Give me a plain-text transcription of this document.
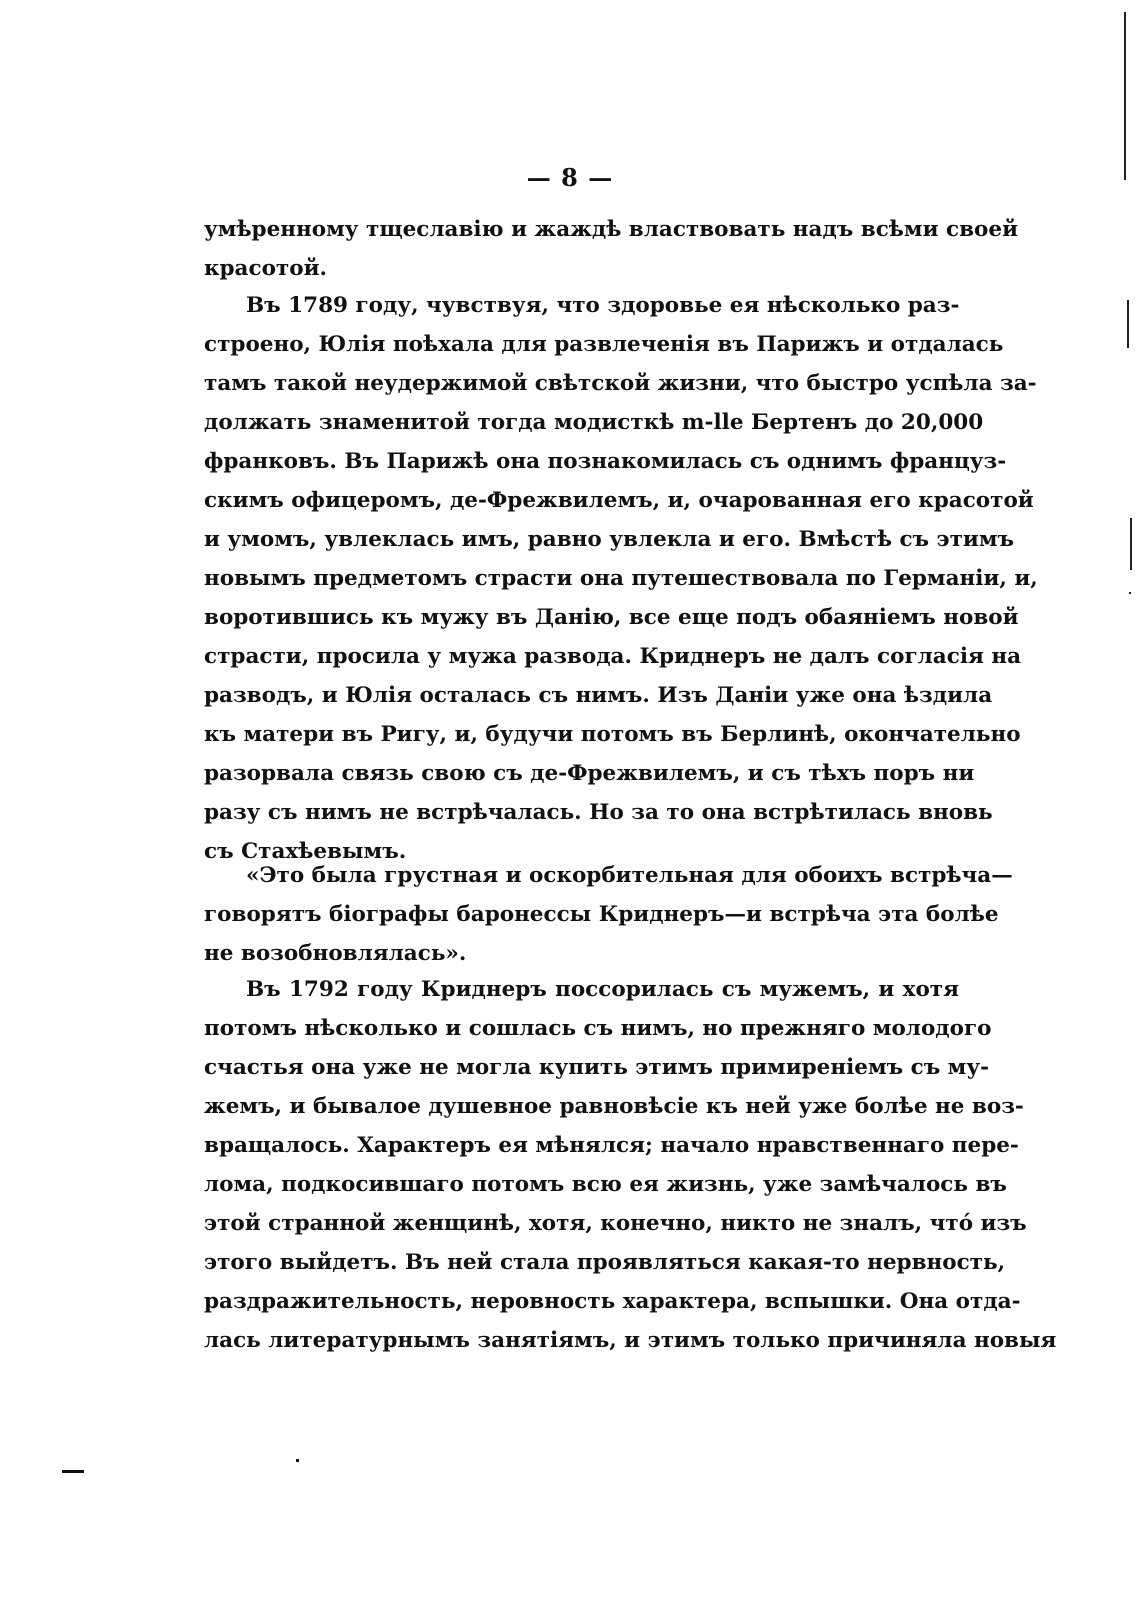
— 8 —
умѣренному тщеславію и жаждѣ властвовать надъ всѣми своей
красотой.
Въ 1789 году, чувствуя, что здоровье ея нѣсколько раз-
строено, Юлія поѣхала для развлеченія въ Парижъ и отдалась
тамъ такой неудержимой свѣтской жизни, что быстро успѣла за-
должать знаменитой тогда модисткѣ m-lle Бертенъ до 20,000
франковъ. Въ Парижѣ она познакомилась съ однимъ француз-
скимъ офицеромъ, де-Фрежвилемъ, и, очарованная его красотой
и умомъ, увлеклась имъ, равно увлекла и его. Вмѣстѣ съ этимъ
новымъ предметомъ страсти она путешествовала по Германіи, и,
воротившись къ мужу въ Данію, все еще подъ обаяніемъ новой
страсти, просила у мужа развода. Криднеръ не далъ согласія на
разводъ, и Юлія осталась съ нимъ. Изъ Даніи уже она ѣздила
къ матери въ Ригу, и, будучи потомъ въ Берлинѣ, окончательно
разорвала связь свою съ де-Фрежвилемъ, и съ тѣхъ поръ ни
разу съ нимъ не встрѣчалась. Но за то она встрѣтилась вновь
съ Стахѣевымъ.
«Это была грустная и оскорбительная для обоихъ встрѣча—
говорятъ біографы баронессы Криднеръ—и встрѣча эта болѣе
не возобновлялась».
Въ 1792 году Криднеръ поссорилась съ мужемъ, и хотя
потомъ нѣсколько и сошлась съ нимъ, но прежняго молодого
счастья она уже не могла купить этимъ примиреніемъ съ му-
жемъ, и бывалое душевное равновѣсіе къ ней уже болѣе не воз-
вращалось. Характеръ ея мѣнялся; начало нравственнаго пере-
лома, подкосившаго потомъ всю ея жизнь, уже замѣчалось въ
этой странной женщинѣ, хотя, конечно, никто не зналъ, чтó изъ
этого выйдетъ. Въ ней стала проявляться какая-то нервность,
раздражительность, неровность характера, вспышки. Она отда-
лась литературнымъ занятіямъ, и этимъ только причиняла новыя
